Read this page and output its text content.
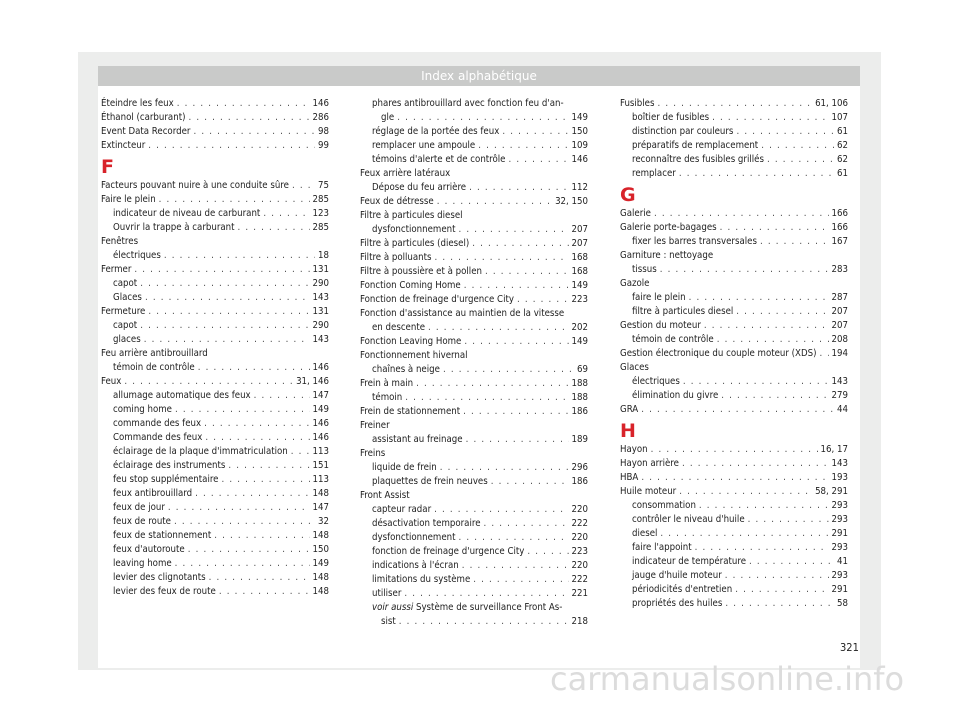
Index alphabétique
Éteindre les feux . . .	146
Éthanol (carburant) . . .	286
Event Data Recorder . . .	98
Extincteur . . .	99
F
Facteurs pouvant nuire à une conduite sûre . . .	75
Faire le plein . . .	285
indicateur de niveau de carburant . . .	123
Ouvrir la trappe à carburant . . .	285
Fenêtres
électriques . . .	18
Fermer . . .	131
capot . . .	290
Glaces . . .	143
Fermeture . . .	131
capot . . .	290
glaces . . .	143
Feu arrière antibrouillard
témoin de contrôle . . .	146
Feux . . .	31, 146
allumage automatique des feux . . .	147
coming home . . .	149
commande des feux . . .	146
Commande des feux . . .	146
éclairage de la plaque d'immatriculation . . .	113
éclairage des instruments . . .	151
feu stop supplémentaire . . .	113
feux antibrouillard . . .	148
feux de jour . . .	147
feux de route . . .	32
feux de stationnement . . .	148
feux d'autoroute . . .	150
leaving home . . .	149
levier des clignotants . . .	148
levier des feux de route . . .	148
phares antibrouillard avec fonction feu d'an-
gle . . .	149
réglage de la portée des feux . . .	150
remplacer une ampoule . . .	109
témoins d'alerte et de contrôle . . .	146
Feux arrière latéraux
Dépose du feu arrière . . .	112
Feux de détresse . . .	32, 150
Filtre à particules diesel
dysfonctionnement . . .	207
Filtre à particules (diesel) . . .	207
Filtre à polluants . . .	168
Filtre à poussière et à pollen . . .	168
Fonction Coming Home . . .	149
Fonction de freinage d'urgence City . . .	223
Fonction d'assistance au maintien de la vitesse
en descente . . .	202
Fonction Leaving Home . . .	149
Fonctionnement hivernal
chaînes à neige . . .	69
Frein à main . . .	188
témoin . . .	188
Frein de stationnement . . .	186
Freiner
assistant au freinage . . .	189
Freins
liquide de frein . . .	296
plaquettes de frein neuves . . .	186
Front Assist
capteur radar . . .	220
désactivation temporaire . . .	222
dysfonctionnement . . .	220
fonction de freinage d'urgence City . . .	223
indications à l'écran . . .	220
limitations du système . . .	222
utiliser . . .	221
voir aussi Système de surveillance Front As-
sist . . .	218
Fusibles . . .	61, 106
boîtier de fusibles . . .	107
distinction par couleurs . . .	61
préparatifs de remplacement . . .	62
reconnaître des fusibles grillés . . .	62
remplacer . . .	61
G
Galerie . . .	166
Galerie porte-bagages . . .	166
fixer les barres transversales . . .	167
Garniture : nettoyage
tissus . . .	283
Gazole
faire le plein . . .	287
filtre à particules diesel . . .	207
Gestion du moteur . . .	207
témoin de contrôle . . .	208
Gestion électronique du couple moteur (XDS) . . . 194
Glaces
électriques . . .	143
élimination du givre . . .	279
GRA . . .	44
H
Hayon . . .	16, 17
Hayon arrière . . .	143
HBA . . .	193
Huile moteur . . .	58, 291
consommation . . .	293
contrôler le niveau d'huile . . .	293
diesel . . .	291
faire l'appoint . . .	293
indicateur de température . . .	41
jauge d'huile moteur . . .	293
périodicités d'entretien . . .	291
propriétés des huiles . . .	58
321
carmanualsonline.info
